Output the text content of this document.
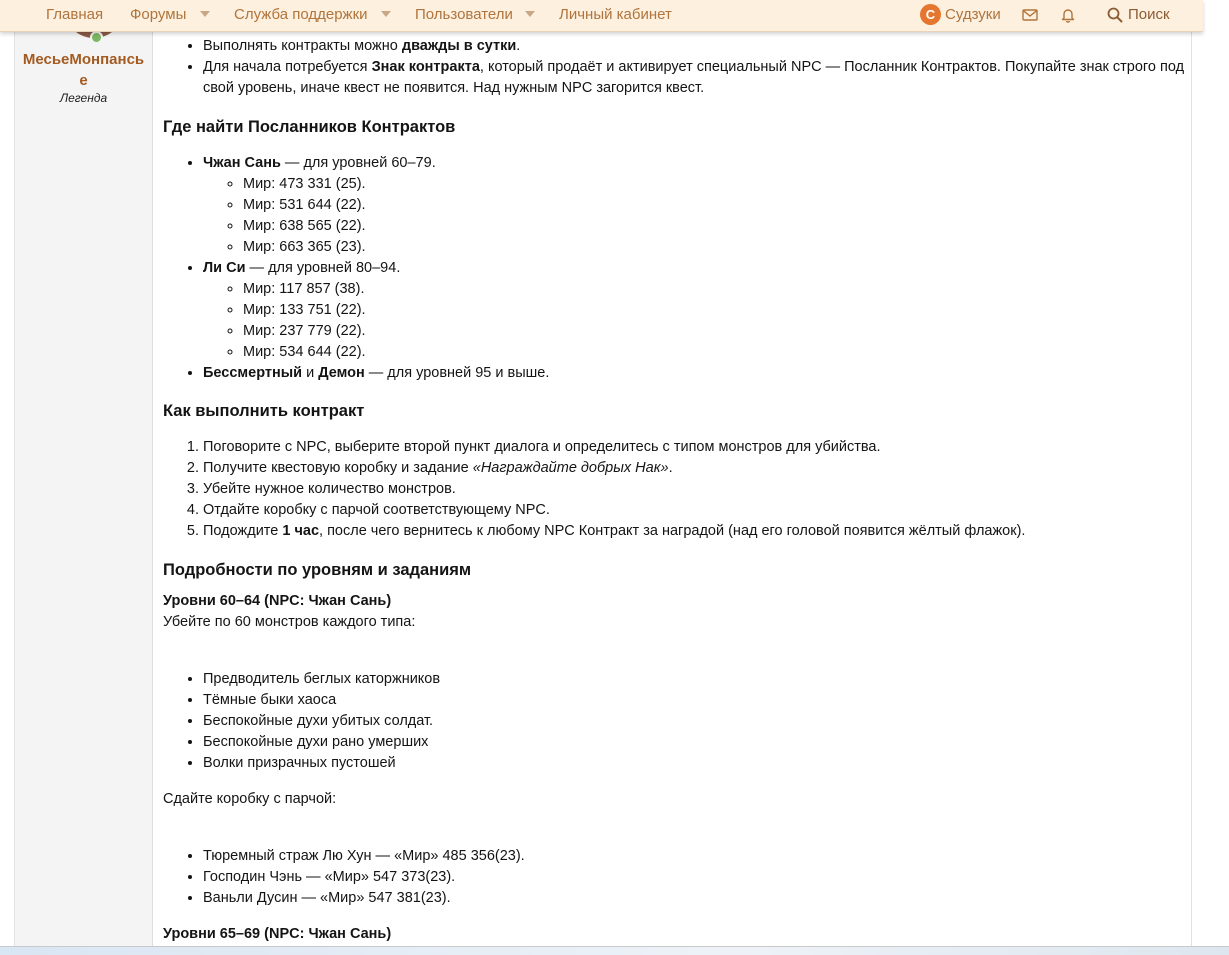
МесьеМонпансье
Легенда

• Выполнять контракты можно дважды в сутки.
• Для начала потребуется Знак контракта, который продаёт и активирует специальный NPC — Посланник Контрактов. Покупайте знак строго под свой уровень, иначе квест не появится. Над нужным NPC загорится квест.
Где найти Посланников Контрактов
• Чжан Сань — для уровней 60–79.
◦ Мир: 473 331 (25).
◦ Мир: 531 644 (22).
◦ Мир: 638 565 (22).
◦ Мир: 663 365 (23).
• Ли Си — для уровней 80–94.
◦ Мир: 117 857 (38).
◦ Мир: 133 751 (22).
◦ Мир: 237 779 (22).
◦ Мир: 534 644 (22).
• Бессмертный и Демон — для уровней 95 и выше.
Как выполнить контракт
1. Поговорите с NPC, выберите второй пункт диалога и определитесь с типом монстров для убийства.
2. Получите квестовую коробку и задание «Награждайте добрых Нак».
3. Убейте нужное количество монстров.
4. Отдайте коробку с парчой соответствующему NPC.
5. Подождите 1 час, после чего вернитесь к любому NPC Контракт за наградой (над его головой появится жёлтый флажок).
Подробности по уровням и заданиям

Уровни 60–64 (NPC: Чжан Сань)

Убейте по 60 монстров каждого типа:

• Предводитель беглых каторжников
• Тёмные быки хаоса
• Беспокойные духи убитых солдат.
• Беспокойные духи рано умерших
• Волки призрачных пустошей

Сдайте коробку с парчой:

• Тюремный страж Лю Хун — «Мир» 485 356(23).
• Господин Чэнь — «Мир» 547 373(23).
• Ваньли Дусин — «Мир» 547 381(23).

Уровни 65–69 (NPC: Чжан Сань)

Главная Форумы	Служба поддержки	Пользователи	Личный кабинет	С Судзуки	Поиск
